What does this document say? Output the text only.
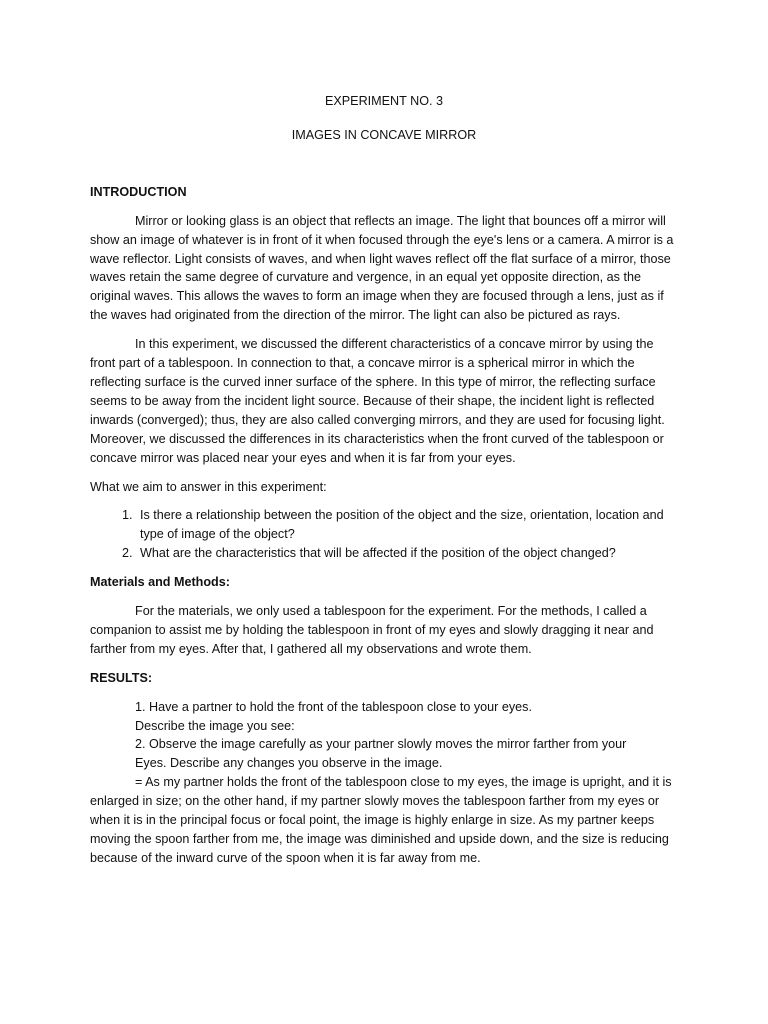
EXPERIMENT NO. 3

IMAGES IN CONCAVE MIRROR

INTRODUCTION

Mirror or looking glass is an object that reflects an image. The light that bounces off a mirror will show an image of whatever is in front of it when focused through the eye's lens or a camera. A mirror is a wave reflector. Light consists of waves, and when light waves reflect off the flat surface of a mirror, those waves retain the same degree of curvature and vergence, in an equal yet opposite direction, as the original waves. This allows the waves to form an image when they are focused through a lens, just as if the waves had originated from the direction of the mirror. The light can also be pictured as rays.

In this experiment, we discussed the different characteristics of a concave mirror by using the front part of a tablespoon. In connection to that, a concave mirror is a spherical mirror in which the reflecting surface is the curved inner surface of the sphere. In this type of mirror, the reflecting surface seems to be away from the incident light source. Because of their shape, the incident light is reflected inwards (converged); thus, they are also called converging mirrors, and they are used for focusing light. Moreover, we discussed the differences in its characteristics when the front curved of the tablespoon or concave mirror was placed near your eyes and when it is far from your eyes.

What we aim to answer in this experiment:

1. Is there a relationship between the position of the object and the size, orientation, location and type of image of the object?
2. What are the characteristics that will be affected if the position of the object changed?

Materials and Methods:

For the materials, we only used a tablespoon for the experiment. For the methods, I called a companion to assist me by holding the tablespoon in front of my eyes and slowly dragging it near and farther from my eyes. After that, I gathered all my observations and wrote them.

RESULTS:

1. Have a partner to hold the front of the tablespoon close to your eyes.

Describe the image you see:

2. Observe the image carefully as your partner slowly moves the mirror farther from your

Eyes. Describe any changes you observe in the image.

= As my partner holds the front of the tablespoon close to my eyes, the image is upright, and it is enlarged in size; on the other hand, if my partner slowly moves the tablespoon farther from my eyes or when it is in the principal focus or focal point, the image is highly enlarge in size. As my partner keeps moving the spoon farther from me, the image was diminished and upside down, and the size is reducing because of the inward curve of the spoon when it is far away from me.
